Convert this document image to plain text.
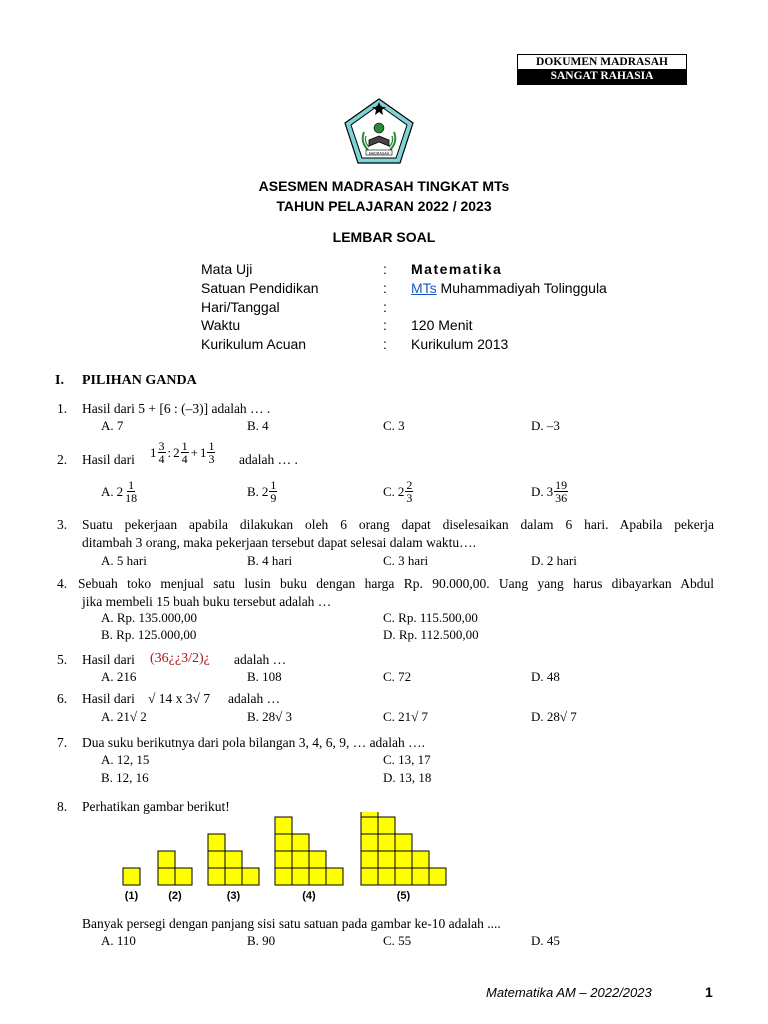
DOKUMEN MADRASAH
SANGAT RAHASIA
MADRASAH
ASESMEN MADRASAH TINGKAT MTs
TAHUN PELAJARAN 2022 / 2023
LEMBAR SOAL
Mata Uji	: Matematika
Satuan Pendidikan	: MTs Muhammadiyah Tolinggula
Hari/Tanggal	:
Waktu	: 120 Menit
Kurikulum Acuan	: Kurikulum 2013
I. PILIHAN GANDA
1. Hasil dari 5 + [6 : (–3)] adalah … .
A. 7	B. 4	C. 3	D. –3
2. Hasil dari $1 \frac{3}{4}$ : $2 \frac{1}{4} + 1 \frac{1}{3}$ adalah … .
A. $2 \frac{1}{18}$	B. $2 \frac{1}{9}$	C. $2 \frac{2}{3}$	D. $3 \frac{19}{36}$
3. Suatu pekerjaan apabila dilakukan oleh 6 orang dapat diselesaikan dalam 6 hari. Apabila pekerja
ditambah 3 orang, maka pekerjaan tersebut dapat selesai dalam waktu….
A. 5 hari	B. 4 hari	C. 3 hari	D. 2 hari
4. Sebuah toko menjual satu lusin buku dengan harga Rp. 90.000,00. Uang yang harus dibayarkan Abdul
jika membeli 15 buah buku tersebut adalah …
A. Rp. 135.000,00
B. Rp. 125.000,00
C. Rp. 115.500,00
D. Rp. 112.500,00
5. Hasil dari (36¿¿3/2)¿ adalah …
A. 216	B. 108	C. 72	D. 48
6. Hasil dari √ 14 x 3√ 7 adalah …
A. 21√ 2	B. 28√ 3	C. 21√ 7	D. 28√ 7
7. Dua suku berikutnya dari pola bilangan 3, 4, 6, 9, … adalah ….
A. 12, 15
B. 12, 16
C. 13, 17
D. 13, 18
8. Perhatikan gambar berikut!
(1)	(2)	(3)	(4)	(5)
Banyak persegi dengan panjang sisi satu satuan pada gambar ke-10 adalah ....
A. 110	B. 90	C. 55	D. 45
Matematika AM – 2022/2023	1
